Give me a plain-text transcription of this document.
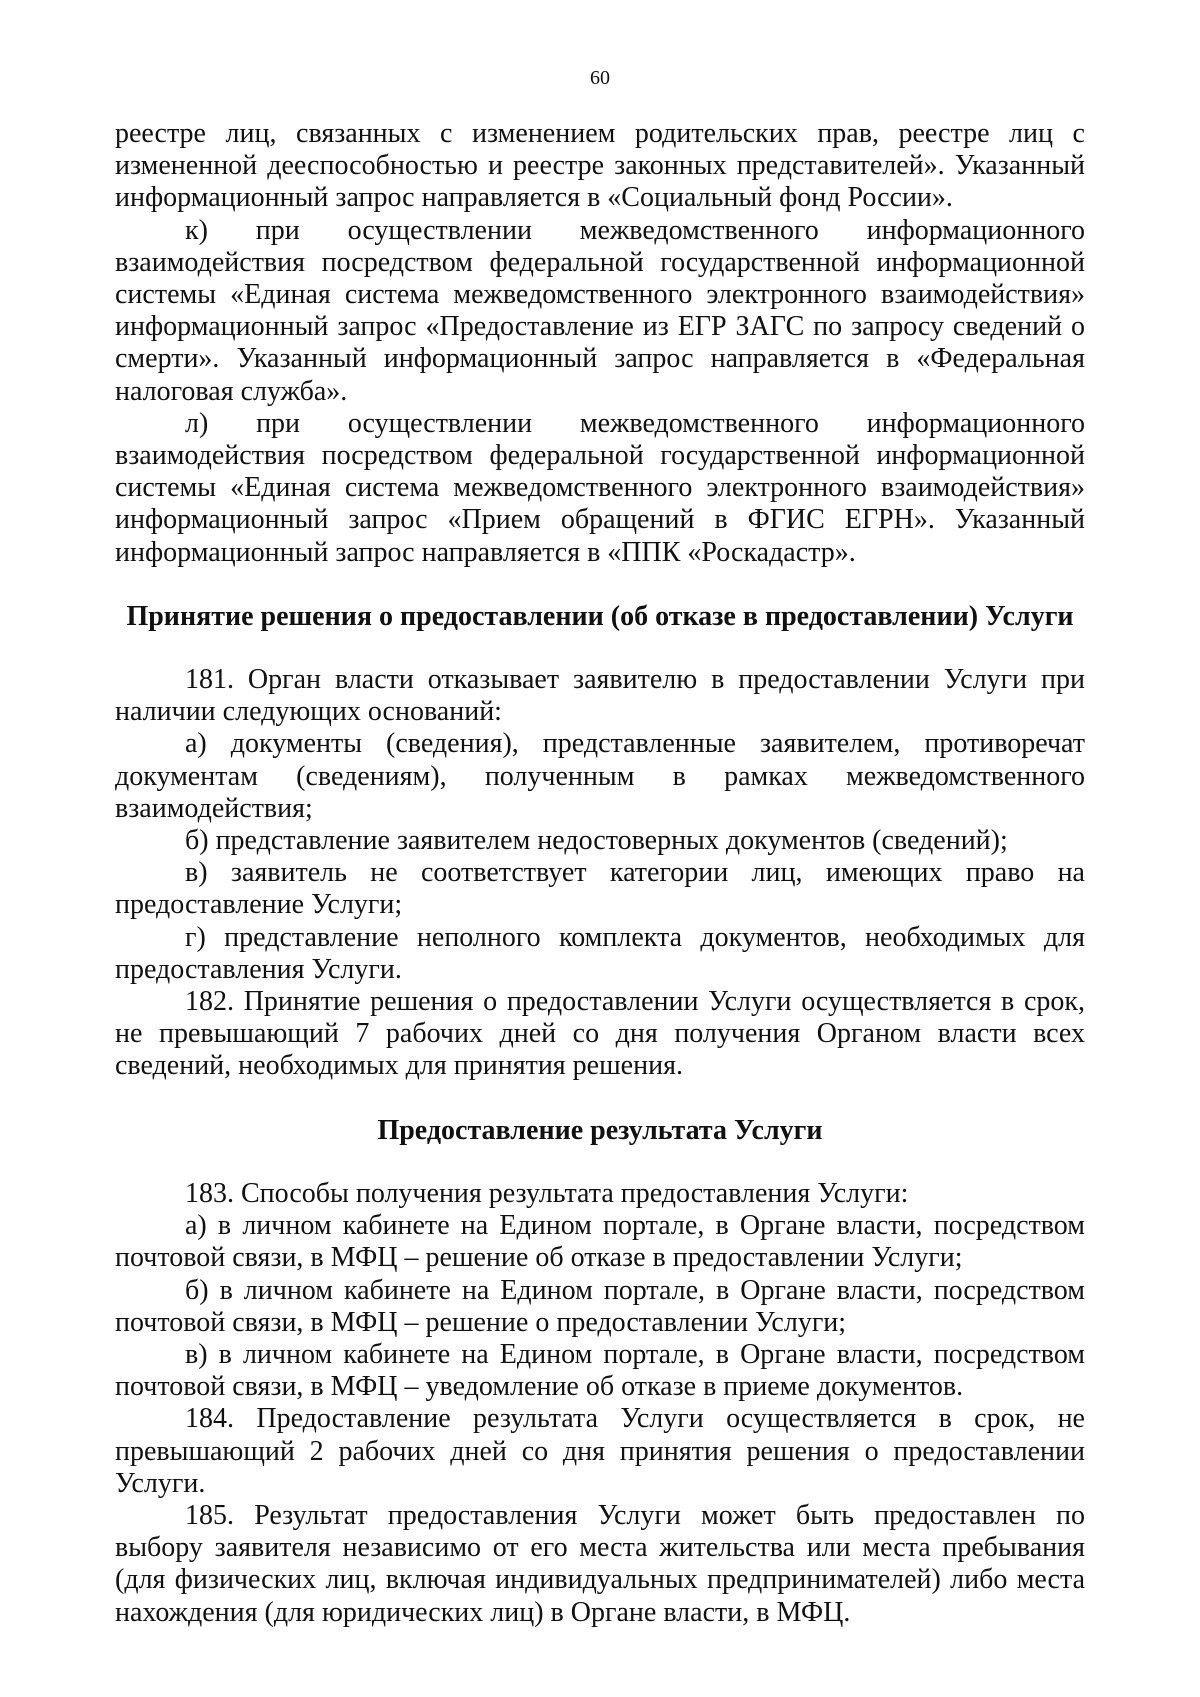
60

реестре лиц, связанных с изменением родительских прав, реестре лиц с измененной дееспособностью и реестре законных представителей». Указанный информационный запрос направляется в «Социальный фонд России».

к) при осуществлении межведомственного информационного взаимодействия посредством федеральной государственной информационной системы «Единая система межведомственного электронного взаимодействия» информационный запрос «Предоставление из ЕГР ЗАГС по запросу сведений о смерти». Указанный информационный запрос направляется в «Федеральная налоговая служба».

л) при осуществлении межведомственного информационного взаимодействия посредством федеральной государственной информационной системы «Единая система межведомственного электронного взаимодействия» информационный запрос «Прием обращений в ФГИС ЕГРН». Указанный информационный запрос направляется в «ППК «Роскадастр».

Принятие решения о предоставлении (об отказе в предоставлении) Услуги

181. Орган власти отказывает заявителю в предоставлении Услуги при наличии следующих оснований:

а) документы (сведения), представленные заявителем, противоречат документам (сведениям), полученным в рамках межведомственного взаимодействия;

б) представление заявителем недостоверных документов (сведений);

в) заявитель не соответствует категории лиц, имеющих право на предоставление Услуги;

г) представление неполного комплекта документов, необходимых для предоставления Услуги.

182. Принятие решения о предоставлении Услуги осуществляется в срок, не превышающий 7 рабочих дней со дня получения Органом власти всех сведений, необходимых для принятия решения.

Предоставление результата Услуги

183. Способы получения результата предоставления Услуги:

а) в личном кабинете на Едином портале, в Органе власти, посредством почтовой связи, в МФЦ – решение об отказе в предоставлении Услуги;

б) в личном кабинете на Едином портале, в Органе власти, посредством почтовой связи, в МФЦ – решение о предоставлении Услуги;

в) в личном кабинете на Едином портале, в Органе власти, посредством почтовой связи, в МФЦ – уведомление об отказе в приеме документов.

184. Предоставление результата Услуги осуществляется в срок, не превышающий 2 рабочих дней со дня принятия решения о предоставлении Услуги.

185. Результат предоставления Услуги может быть предоставлен по выбору заявителя независимо от его места жительства или места пребывания (для физических лиц, включая индивидуальных предпринимателей) либо места нахождения (для юридических лиц) в Органе власти, в МФЦ.
